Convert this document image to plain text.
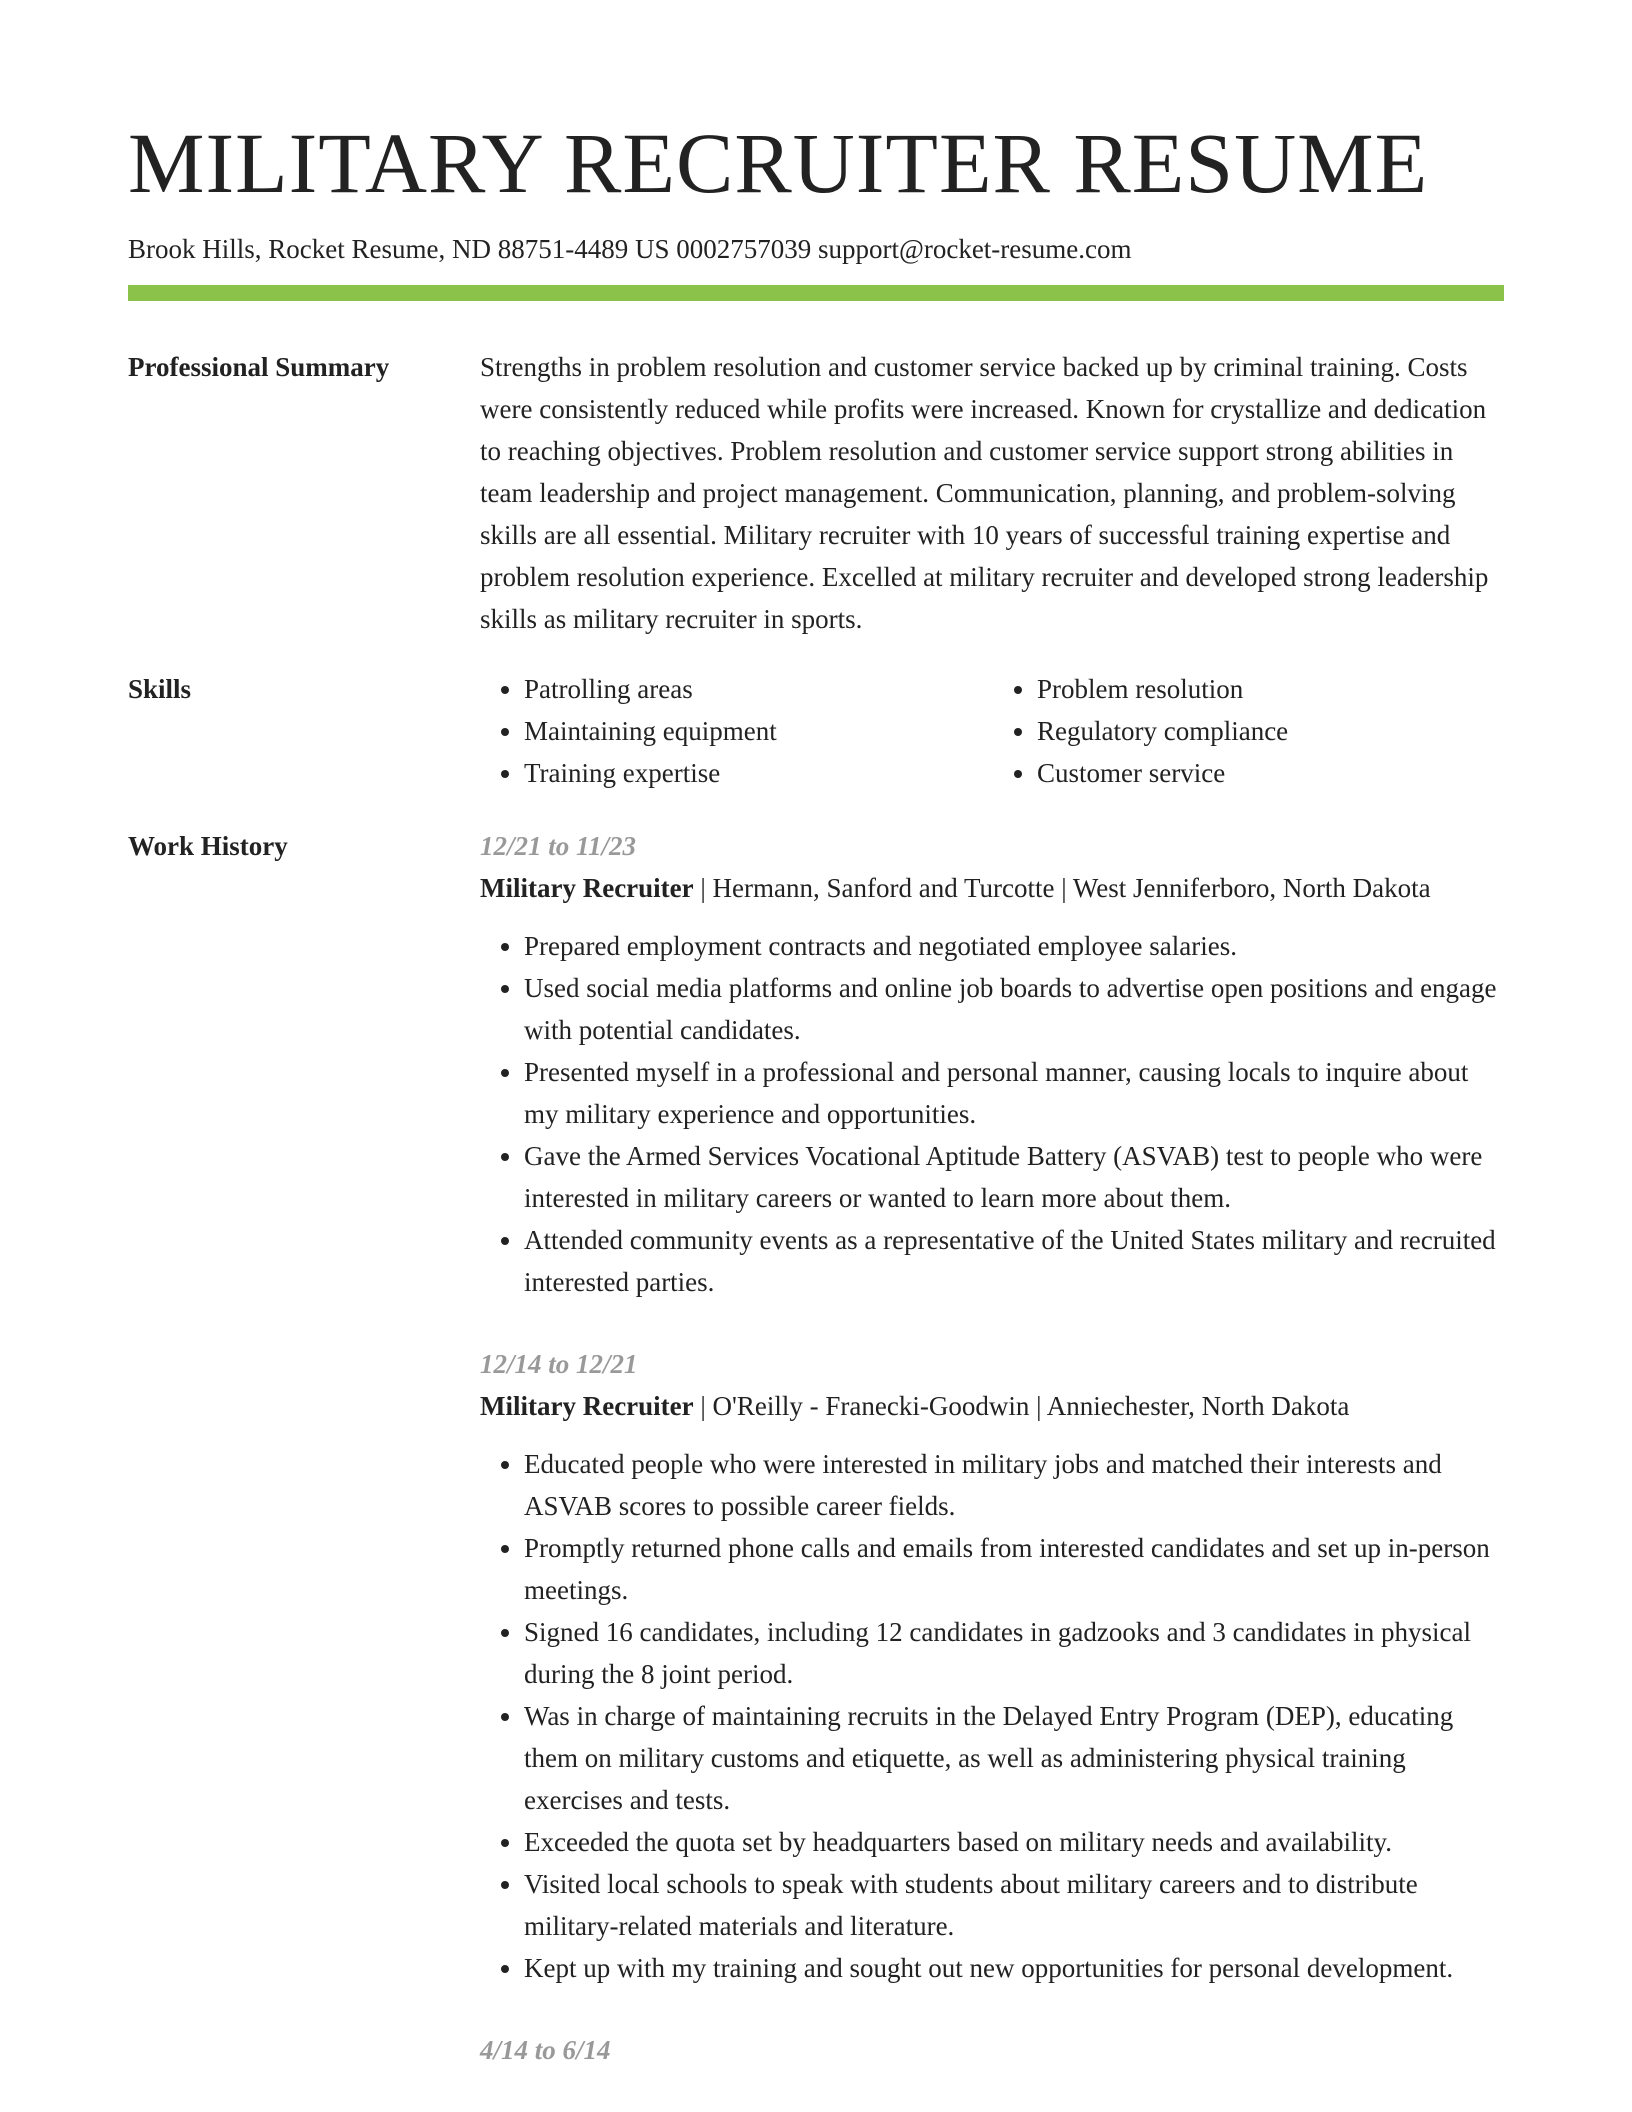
MILITARY RECRUITER RESUME

Brook Hills, Rocket Resume, ND 88751-4489 US 0002757039 support@rocket-resume.com

Professional Summary	Strengths in problem resolution and customer service backed up by criminal training. Costs were consistently reduced while profits were increased. Known for crystallize and dedication to reaching objectives. Problem resolution and customer service support strong abilities in team leadership and project management. Communication, planning, and problem-solving skills are all essential. Military recruiter with 10 years of successful training expertise and problem resolution experience. Excelled at military recruiter and developed strong leadership skills as military recruiter in sports.

Skills
•	Patrolling areas
• Maintaining equipment
• Training expertise
• Problem resolution
• Regulatory compliance
• Customer service
Work History	12/21 to 11/23

Military Recruiter | Hermann, Sanford and Turcotte | West Jenniferboro, North Dakota

• Prepared employment contracts and negotiated employee salaries.
• Used social media platforms and online job boards to advertise open positions and engage with potential candidates.
• Presented myself in a professional and personal manner, causing locals to inquire about my military experience and opportunities.
• Gave the Armed Services Vocational Aptitude Battery (ASVAB) test to people who were interested in military careers or wanted to learn more about them.
• Attended community events as a representative of the United States military and recruited interested parties.

12/14 to 12/21

Military Recruiter | O'Reilly - Franecki-Goodwin | Anniechester, North Dakota

• Educated people who were interested in military jobs and matched their interests and ASVAB scores to possible career fields.
• Promptly returned phone calls and emails from interested candidates and set up in-person meetings.
• Signed 16 candidates, including 12 candidates in gadzooks and 3 candidates in physical during the 8 joint period.
• Was in charge of maintaining recruits in the Delayed Entry Program (DEP), educating them on military customs and etiquette, as well as administering physical training exercises and tests.
• Exceeded the quota set by headquarters based on military needs and availability.
• Visited local schools to speak with students about military careers and to distribute military-related materials and literature.
• Kept up with my training and sought out new opportunities for personal development.

4/14 to 6/14
